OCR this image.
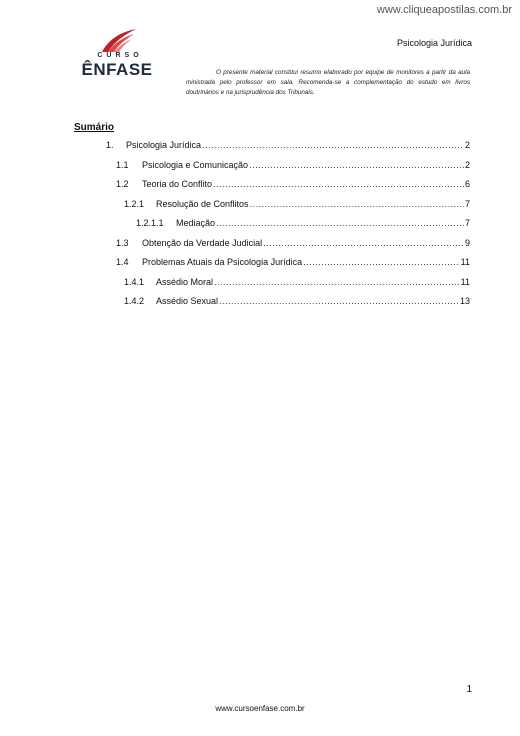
www.cliqueapostilas.com.br
CURSO
ÊNFASE
Psicologia Jurídica
O presente material constitui resumo elaborado por equipe de monitores a partir da aula ministrada pelo professor em sala. Recomenda-se a complementação do estudo em livros doutrinários e na jurisprudência dos Tribunais.
Sumário
1.	Psicologia Jurídica .....	2
1.1	Psicologia e Comunicação .....	2
1.2	Teoria do Conflito .....	6
1.2.1	Resolução de Conflitos .....	7
1.2.1.1	Mediação .....	7
1.3	Obtenção da Verdade Judicial .....	9
1.4	Problemas Atuais da Psicologia Jurídica .....	11
1.4.1	Assédio Moral .....	11
1.4.2	Assédio Sexual .....	13
1
www.cursoenfase.com.br
